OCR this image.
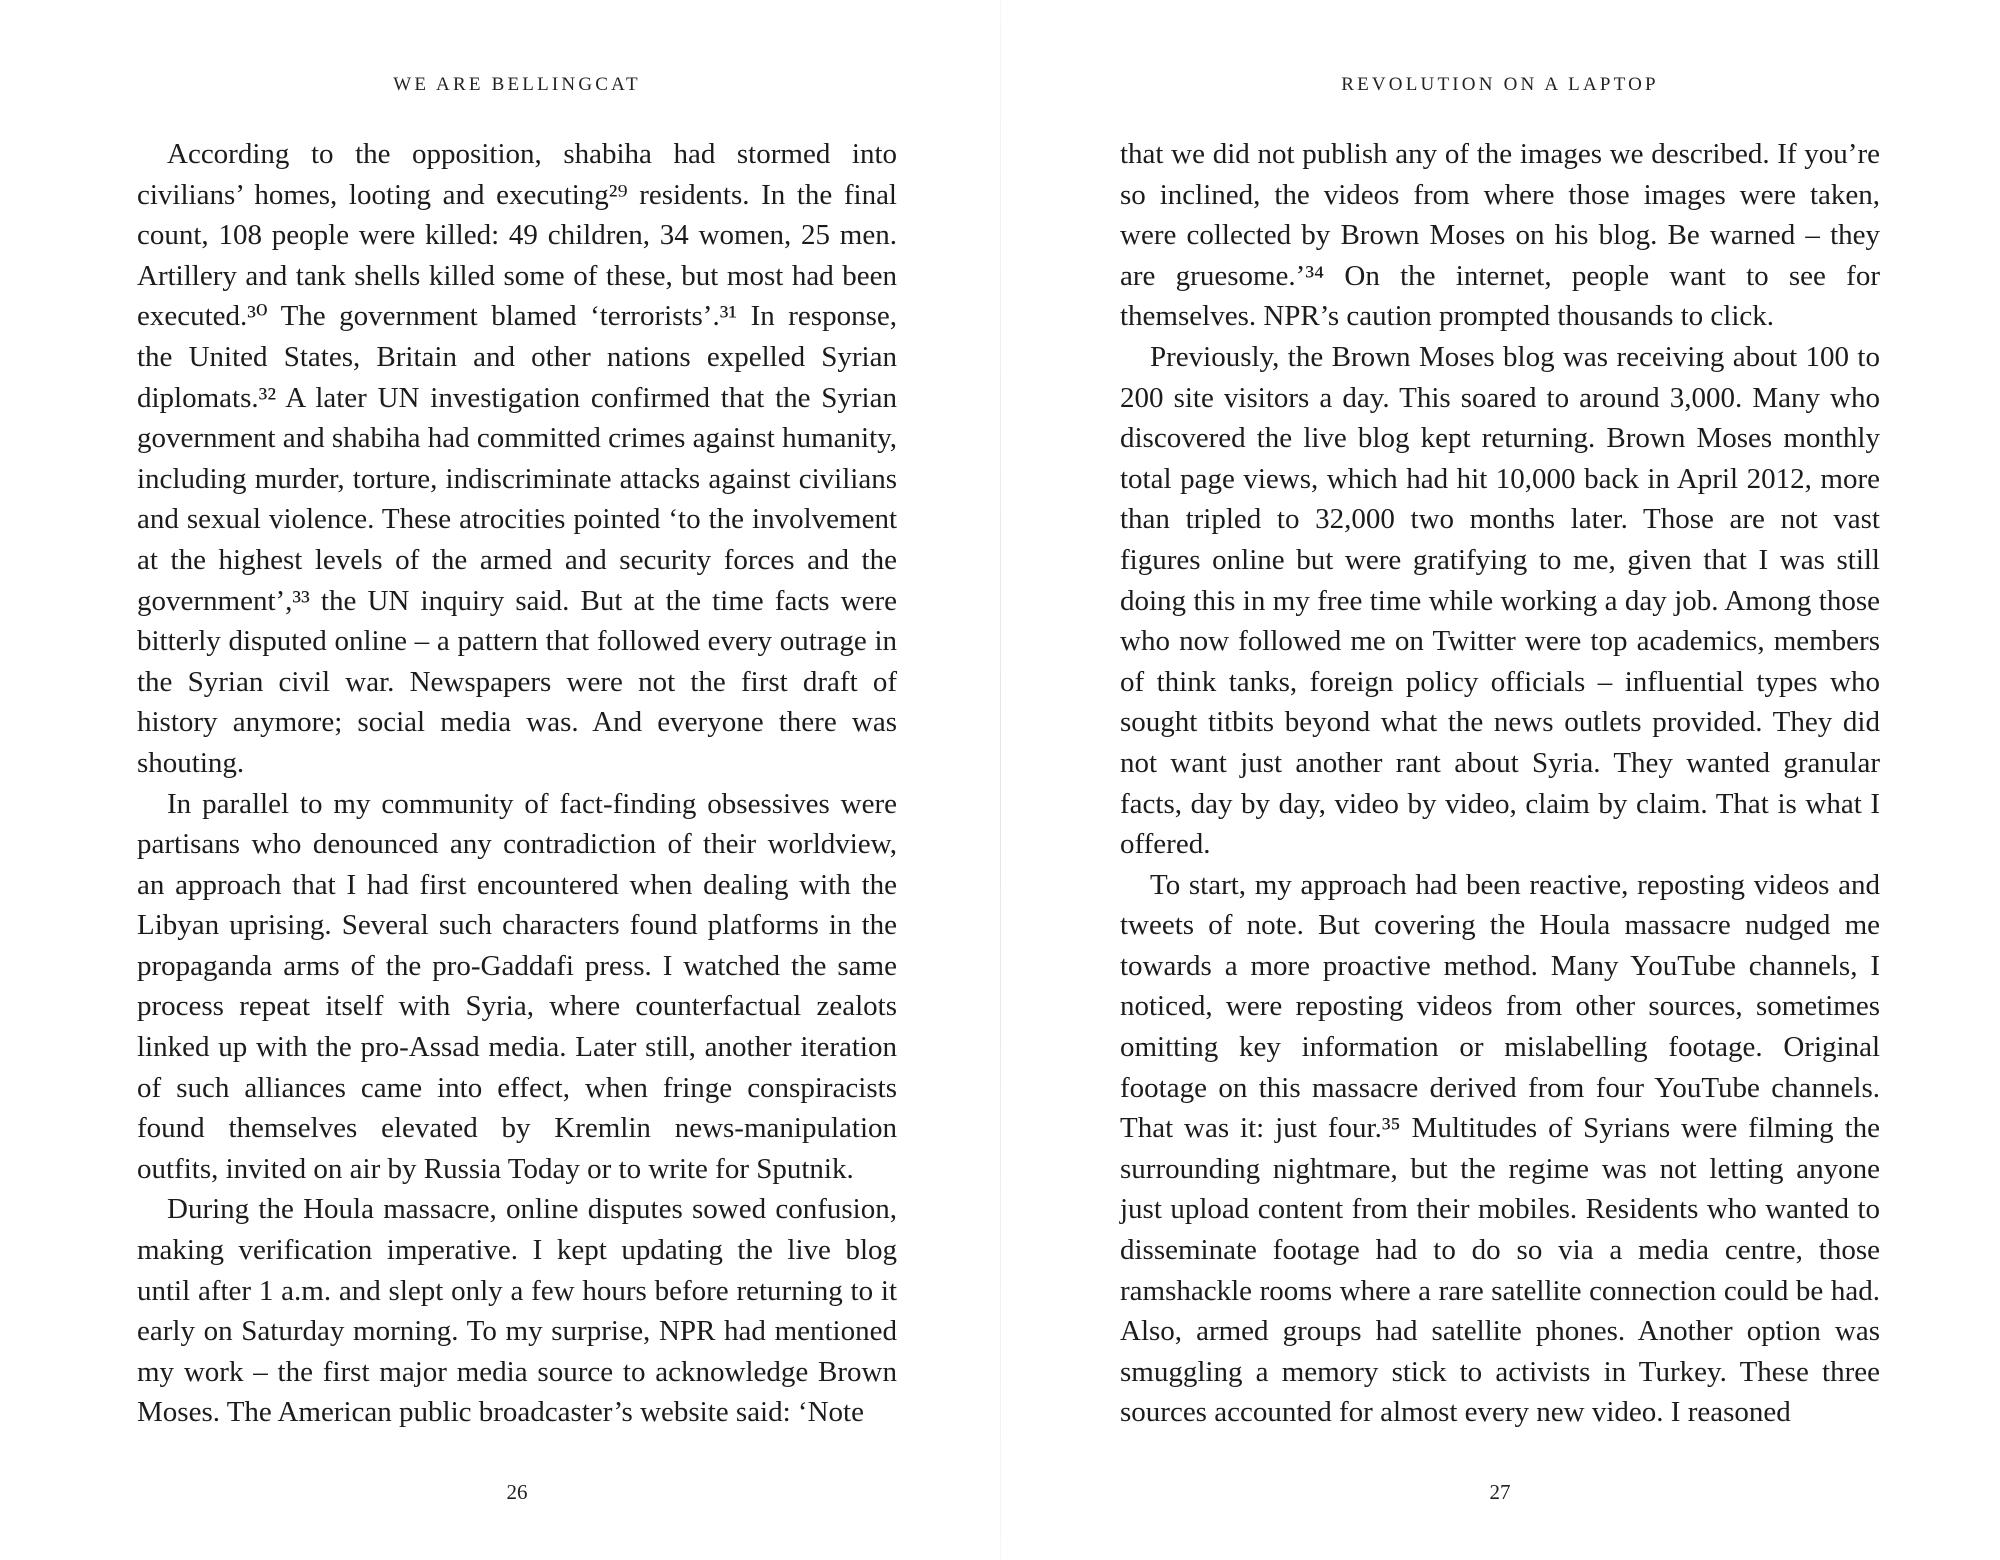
WE ARE BELLINGCAT

According to the opposition, shabiha had stormed into civilians’ homes, looting and executing²⁹ residents. In the final count, 108 people were killed: 49 children, 34 women, 25 men. Artillery and tank shells killed some of these, but most had been executed.³⁰ The government blamed ‘terrorists’.³¹ In response, the United States, Britain and other nations expelled Syrian diplomats.³² A later UN investigation confirmed that the Syrian government and shabiha had committed crimes against humanity, including murder, torture, indiscriminate attacks against civilians and sexual violence. These atrocities pointed ‘to the involvement at the highest levels of the armed and security forces and the government’,³³ the UN inquiry said. But at the time facts were bitterly disputed online – a pattern that followed every outrage in the Syrian civil war. Newspapers were not the first draft of history anymore; social media was. And everyone there was shouting.

In parallel to my community of fact-finding obsessives were partisans who denounced any contradiction of their worldview, an approach that I had first encountered when dealing with the Libyan uprising. Several such characters found platforms in the propaganda arms of the pro-Gaddafi press. I watched the same process repeat itself with Syria, where counterfactual zealots linked up with the pro-Assad media. Later still, another iteration of such alliances came into effect, when fringe conspiracists found themselves elevated by Kremlin news-manipulation outfits, invited on air by Russia Today or to write for Sputnik.

During the Houla massacre, online disputes sowed confusion, making verification imperative. I kept updating the live blog until after 1 a.m. and slept only a few hours before returning to it early on Saturday morning. To my surprise, NPR had mentioned my work – the first major media source to acknowledge Brown Moses. The American public broadcaster’s website said: ‘Note

26
REVOLUTION ON A LAPTOP

that we did not publish any of the images we described. If you’re so inclined, the videos from where those images were taken, were collected by Brown Moses on his blog. Be warned – they are gruesome.’³⁴ On the internet, people want to see for themselves. NPR’s caution prompted thousands to click.

Previously, the Brown Moses blog was receiving about 100 to 200 site visitors a day. This soared to around 3,000. Many who discovered the live blog kept returning. Brown Moses monthly total page views, which had hit 10,000 back in April 2012, more than tripled to 32,000 two months later. Those are not vast figures online but were gratifying to me, given that I was still doing this in my free time while working a day job. Among those who now followed me on Twitter were top academics, members of think tanks, foreign policy officials – influential types who sought titbits beyond what the news outlets provided. They did not want just another rant about Syria. They wanted granular facts, day by day, video by video, claim by claim. That is what I offered.

To start, my approach had been reactive, reposting videos and tweets of note. But covering the Houla massacre nudged me towards a more proactive method. Many YouTube channels, I noticed, were reposting videos from other sources, sometimes omitting key information or mislabelling footage. Original footage on this massacre derived from four YouTube channels. That was it: just four.³⁵ Multitudes of Syrians were filming the surrounding nightmare, but the regime was not letting anyone just upload content from their mobiles. Residents who wanted to disseminate footage had to do so via a media centre, those ramshackle rooms where a rare satellite connection could be had. Also, armed groups had satellite phones. Another option was smuggling a memory stick to activists in Turkey. These three sources accounted for almost every new video. I reasoned

27
